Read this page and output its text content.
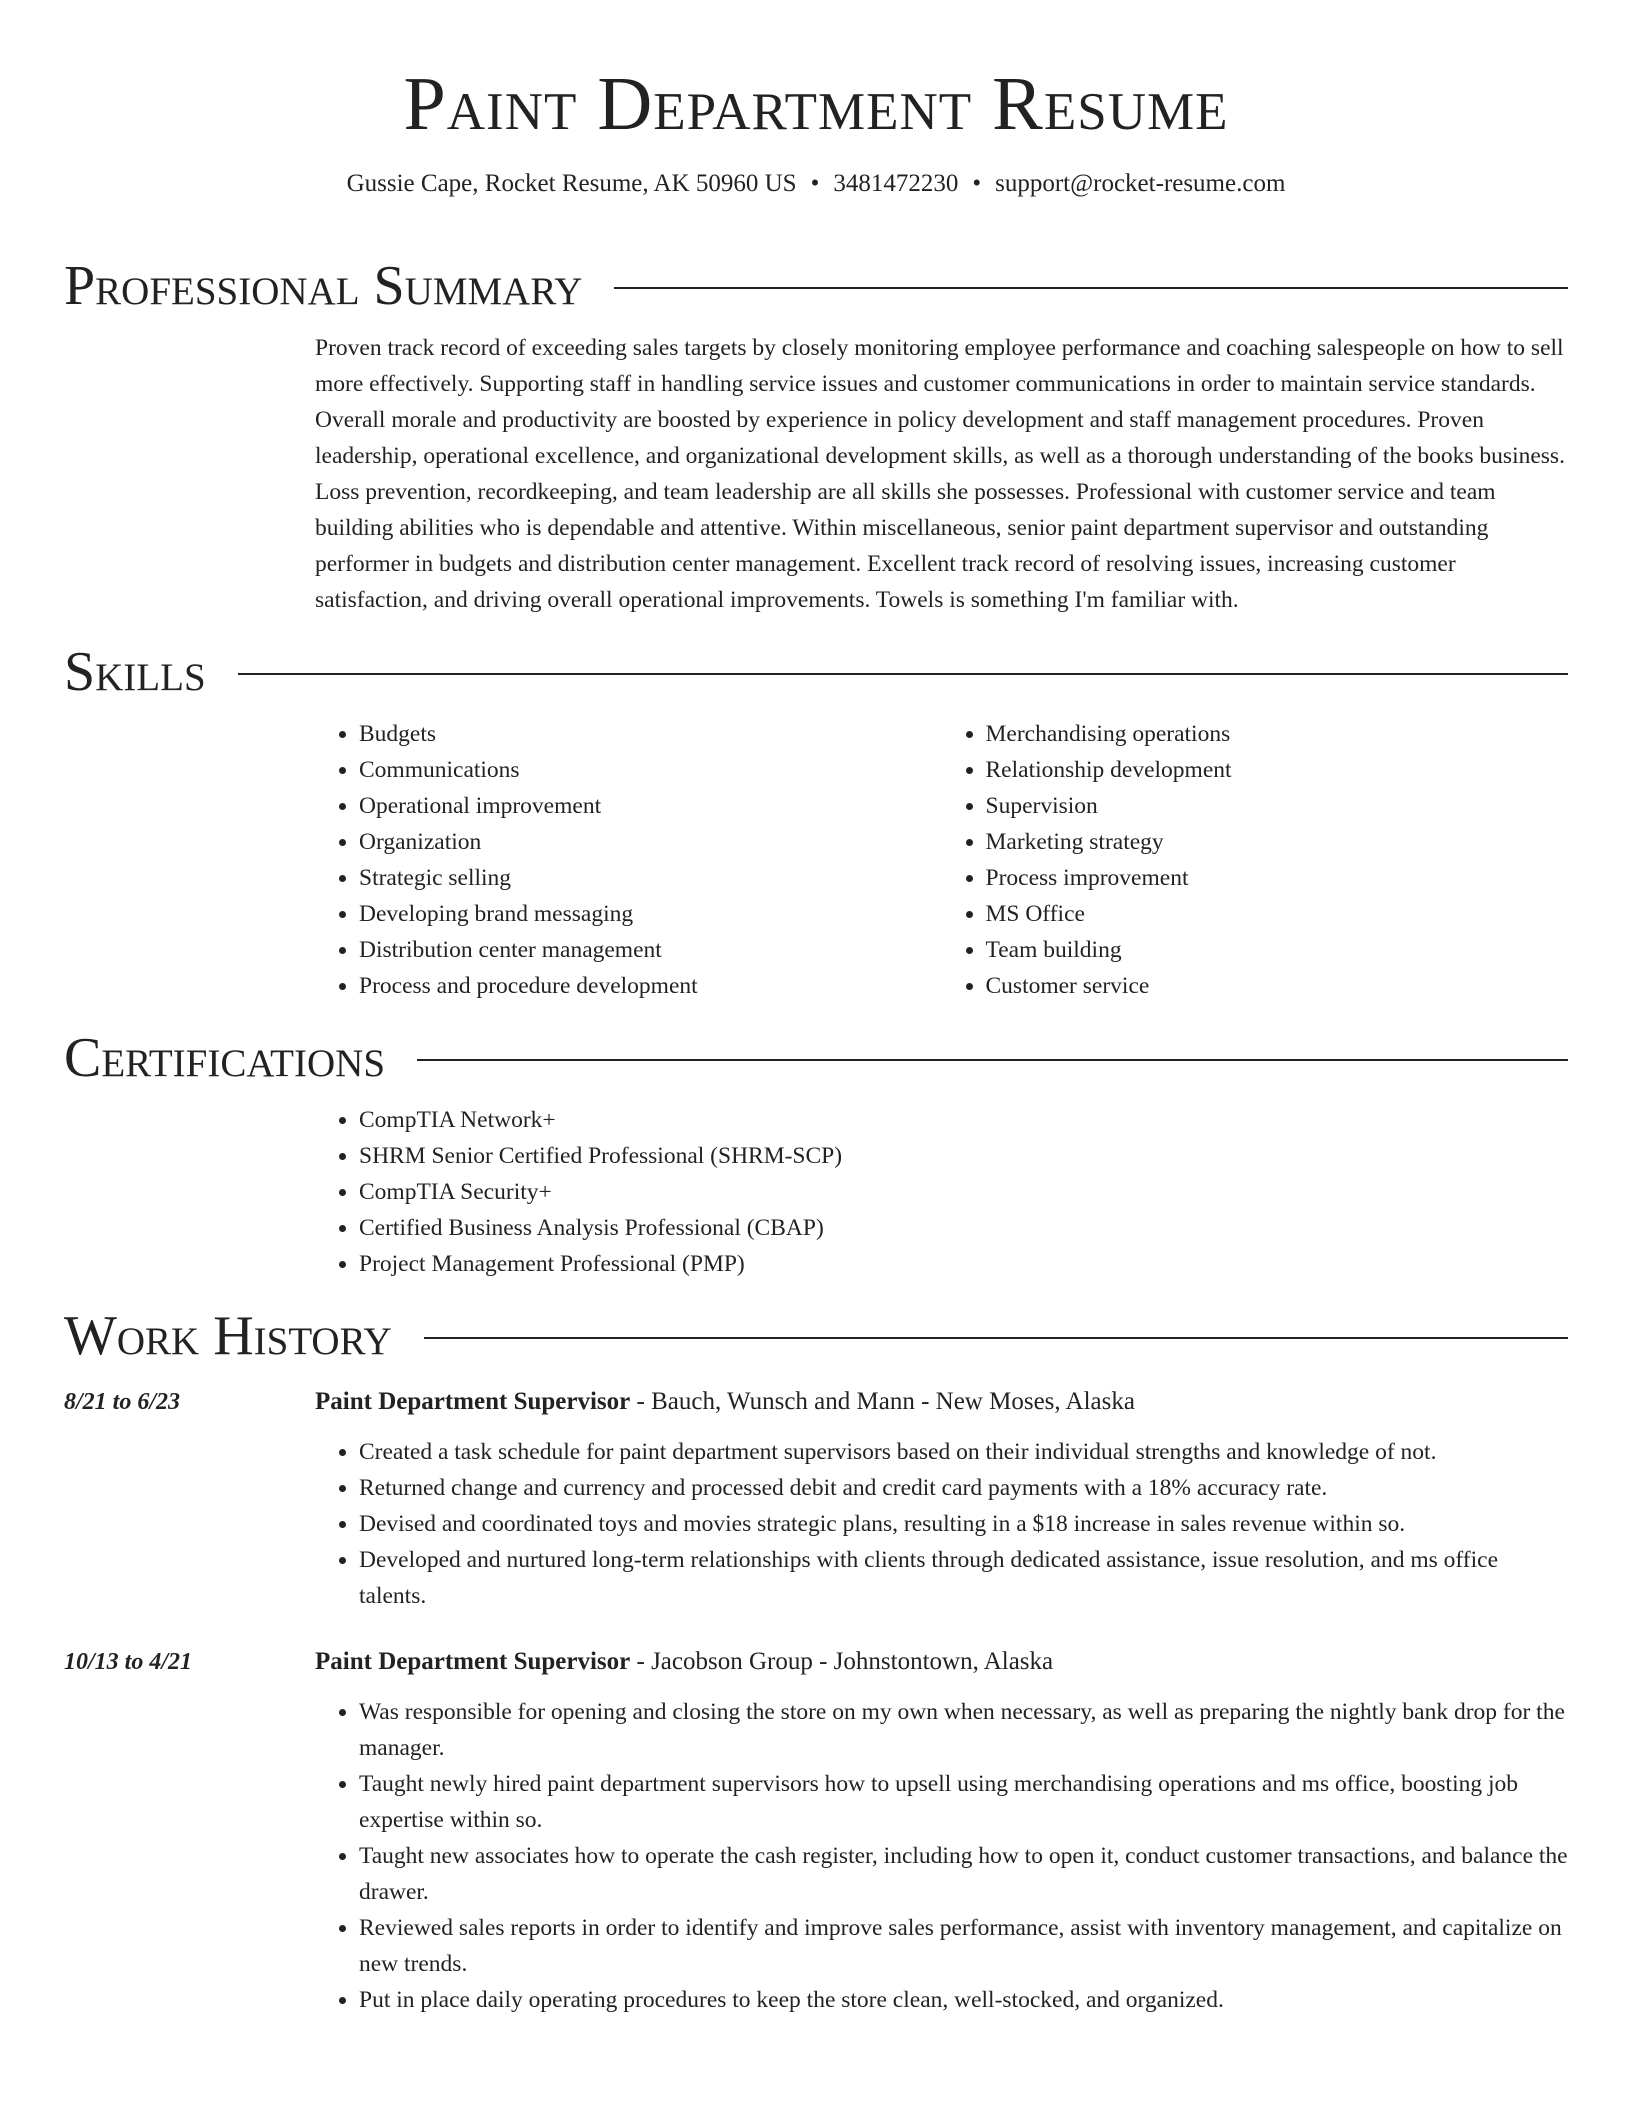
Paint Department Resume
Gussie Cape, Rocket Resume, AK 50960 US • 3481472230 • support@rocket-resume.com
Professional Summary

Proven track record of exceeding sales targets by closely monitoring employee performance and coaching salespeople on how to sell more effectively. Supporting staff in handling service issues and customer communications in order to maintain service standards. Overall morale and productivity are boosted by experience in policy development and staff management procedures. Proven leadership, operational excellence, and organizational development skills, as well as a thorough understanding of the books business. Loss prevention, recordkeeping, and team leadership are all skills she possesses. Professional with customer service and team building abilities who is dependable and attentive. Within miscellaneous, senior paint department supervisor and outstanding performer in budgets and distribution center management. Excellent track record of resolving issues, increasing customer satisfaction, and driving overall operational improvements. Towels is something I'm familiar with.

Skills
• Budgets
• Communications
• Operational improvement
• Organization
• Strategic selling
• Developing brand messaging
• Distribution center management
• Process and procedure development
• Merchandising operations
• Relationship development
• Supervision
• Marketing strategy
• Process improvement
• MS Office
• Team building
• Customer service
Certifications
• CompTIA Network+
• SHRM Senior Certified Professional (SHRM-SCP)
• CompTIA Security+
• Certified Business Analysis Professional (CBAP)
• Project Management Professional (PMP)
Work History
8/21 to 6/23	Paint Department Supervisor - Bauch, Wunsch and Mann - New Moses, Alaska
• Created a task schedule for paint department supervisors based on their individual strengths and knowledge of not.
• Returned change and currency and processed debit and credit card payments with a 18% accuracy rate.
• Devised and coordinated toys and movies strategic plans, resulting in a $18 increase in sales revenue within so.
• Developed and nurtured long-term relationships with clients through dedicated assistance, issue resolution, and ms office talents.
10/13 to 4/21	Paint Department Supervisor - Jacobson Group - Johnstontown, Alaska
• Was responsible for opening and closing the store on my own when necessary, as well as preparing the nightly bank drop for the manager.
• Taught newly hired paint department supervisors how to upsell using merchandising operations and ms office, boosting job expertise within so.
• Taught new associates how to operate the cash register, including how to open it, conduct customer transactions, and balance the drawer.
• Reviewed sales reports in order to identify and improve sales performance, assist with inventory management, and capitalize on new trends.
• Put in place daily operating procedures to keep the store clean, well-stocked, and organized.
